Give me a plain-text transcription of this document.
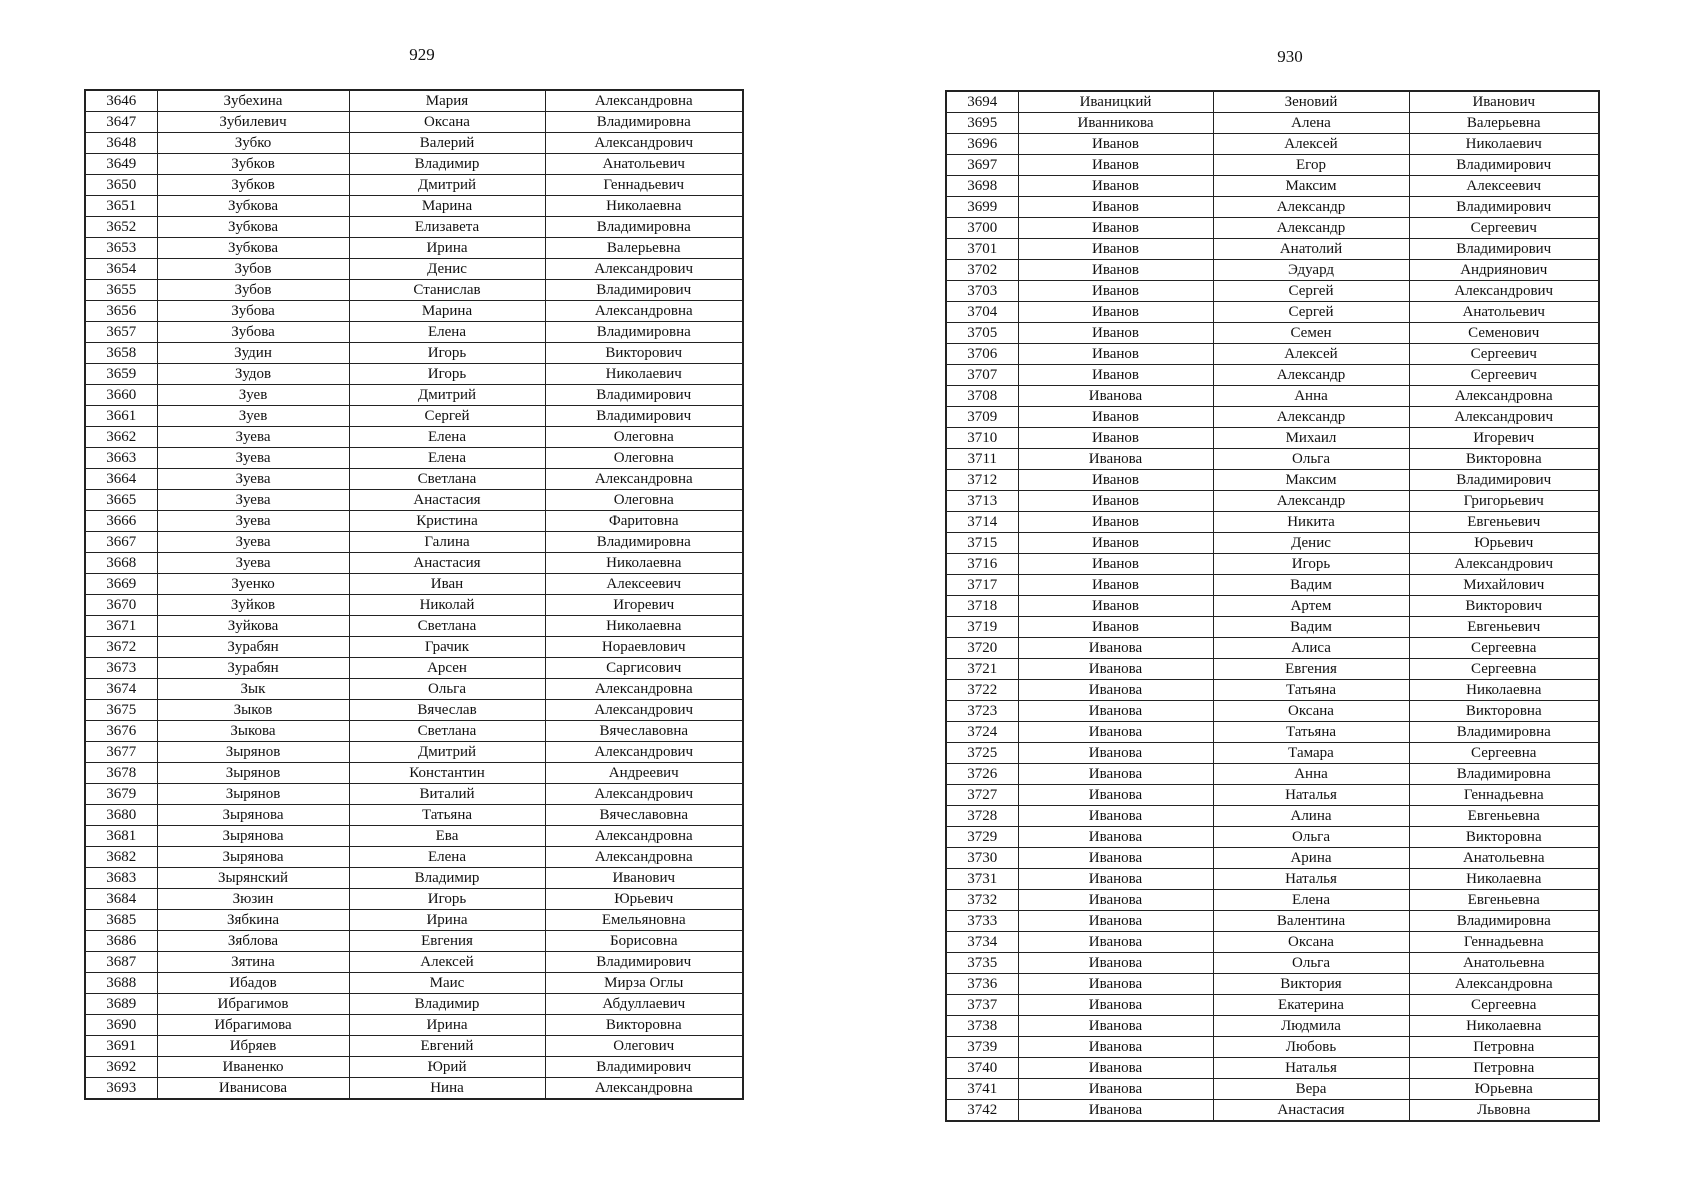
929	930
3646	Зубехина	Мария	Александровна
3647	Зубилевич	Оксана	Владимировна
3648	Зубко	Валерий	Александрович
3649	Зубков	Владимир	Анатольевич
3650	Зубков	Дмитрий	Геннадьевич
3651	Зубкова	Марина	Николаевна
3652	Зубкова	Елизавета	Владимировна
3653	Зубкова	Ирина	Валерьевна
3654	Зубов	Денис	Александрович
3655	Зубов	Станислав	Владимирович
3656	Зубова	Марина	Александровна
3657	Зубова	Елена	Владимировна
3658	Зудин	Игорь	Викторович
3659	Зудов	Игорь	Николаевич
3660	Зуев	Дмитрий	Владимирович
3661	Зуев	Сергей	Владимирович
3662	Зуева	Елена	Олеговна
3663	Зуева	Елена	Олеговна
3664	Зуева	Светлана	Александровна
3665	Зуева	Анастасия	Олеговна
3666	Зуева	Кристина	Фаритовна
3667	Зуева	Галина	Владимировна
3668	Зуева	Анастасия	Николаевна
3669	Зуенко	Иван	Алексеевич
3670	Зуйков	Николай	Игоревич
3671	Зуйкова	Светлана	Николаевна
3672	Зурабян	Грачик	Нораевлович
3673	Зурабян	Арсен	Саргисович
3674	Зык	Ольга	Александровна
3675	Зыков	Вячеслав	Александрович
3676	Зыкова	Светлана	Вячеславовна
3677	Зырянов	Дмитрий	Александрович
3678	Зырянов	Константин	Андреевич
3679	Зырянов	Виталий	Александрович
3680	Зырянова	Татьяна	Вячеславовна
3681	Зырянова	Ева	Александровна
3682	Зырянова	Елена	Александровна
3683	Зырянский	Владимир	Иванович
3684	Зюзин	Игорь	Юрьевич
3685	Зябкина	Ирина	Емельяновна
3686	Зяблова	Евгения	Борисовна
3687	Зятина	Алексей	Владимирович
3688	Ибадов	Маис	Мирза Оглы
3689	Ибрагимов	Владимир	Абдуллаевич
3690	Ибрагимова	Ирина	Викторовна
3691	Ибряев	Евгений	Олегович
3692	Иваненко	Юрий	Владимирович
3693	Иванисова	Нина	Александровна
3694	Иваницкий	Зеновий	Иванович
3695	Иванникова	Алена	Валерьевна
3696	Иванов	Алексей	Николаевич
3697	Иванов	Егор	Владимирович
3698	Иванов	Максим	Алексеевич
3699	Иванов	Александр	Владимирович
3700	Иванов	Александр	Сергеевич
3701	Иванов	Анатолий	Владимирович
3702	Иванов	Эдуард	Андриянович
3703	Иванов	Сергей	Александрович
3704	Иванов	Сергей	Анатольевич
3705	Иванов	Семен	Семенович
3706	Иванов	Алексей	Сергеевич
3707	Иванов	Александр	Сергеевич
3708	Иванова	Анна	Александровна
3709	Иванов	Александр	Александрович
3710	Иванов	Михаил	Игоревич
3711	Иванова	Ольга	Викторовна
3712	Иванов	Максим	Владимирович
3713	Иванов	Александр	Григорьевич
3714	Иванов	Никита	Евгеньевич
3715	Иванов	Денис	Юрьевич
3716	Иванов	Игорь	Александрович
3717	Иванов	Вадим	Михайлович
3718	Иванов	Артем	Викторович
3719	Иванов	Вадим	Евгеньевич
3720	Иванова	Алиса	Сергеевна
3721	Иванова	Евгения	Сергеевна
3722	Иванова	Татьяна	Николаевна
3723	Иванова	Оксана	Викторовна
3724	Иванова	Татьяна	Владимировна
3725	Иванова	Тамара	Сергеевна
3726	Иванова	Анна	Владимировна
3727	Иванова	Наталья	Геннадьевна
3728	Иванова	Алина	Евгеньевна
3729	Иванова	Ольга	Викторовна
3730	Иванова	Арина	Анатольевна
3731	Иванова	Наталья	Николаевна
3732	Иванова	Елена	Евгеньевна
3733	Иванова	Валентина	Владимировна
3734	Иванова	Оксана	Геннадьевна
3735	Иванова	Ольга	Анатольевна
3736	Иванова	Виктория	Александровна
3737	Иванова	Екатерина	Сергеевна
3738	Иванова	Людмила	Николаевна
3739	Иванова	Любовь	Петровна
3740	Иванова	Наталья	Петровна
3741	Иванова	Вера	Юрьевна
3742	Иванова	Анастасия	Львовна
